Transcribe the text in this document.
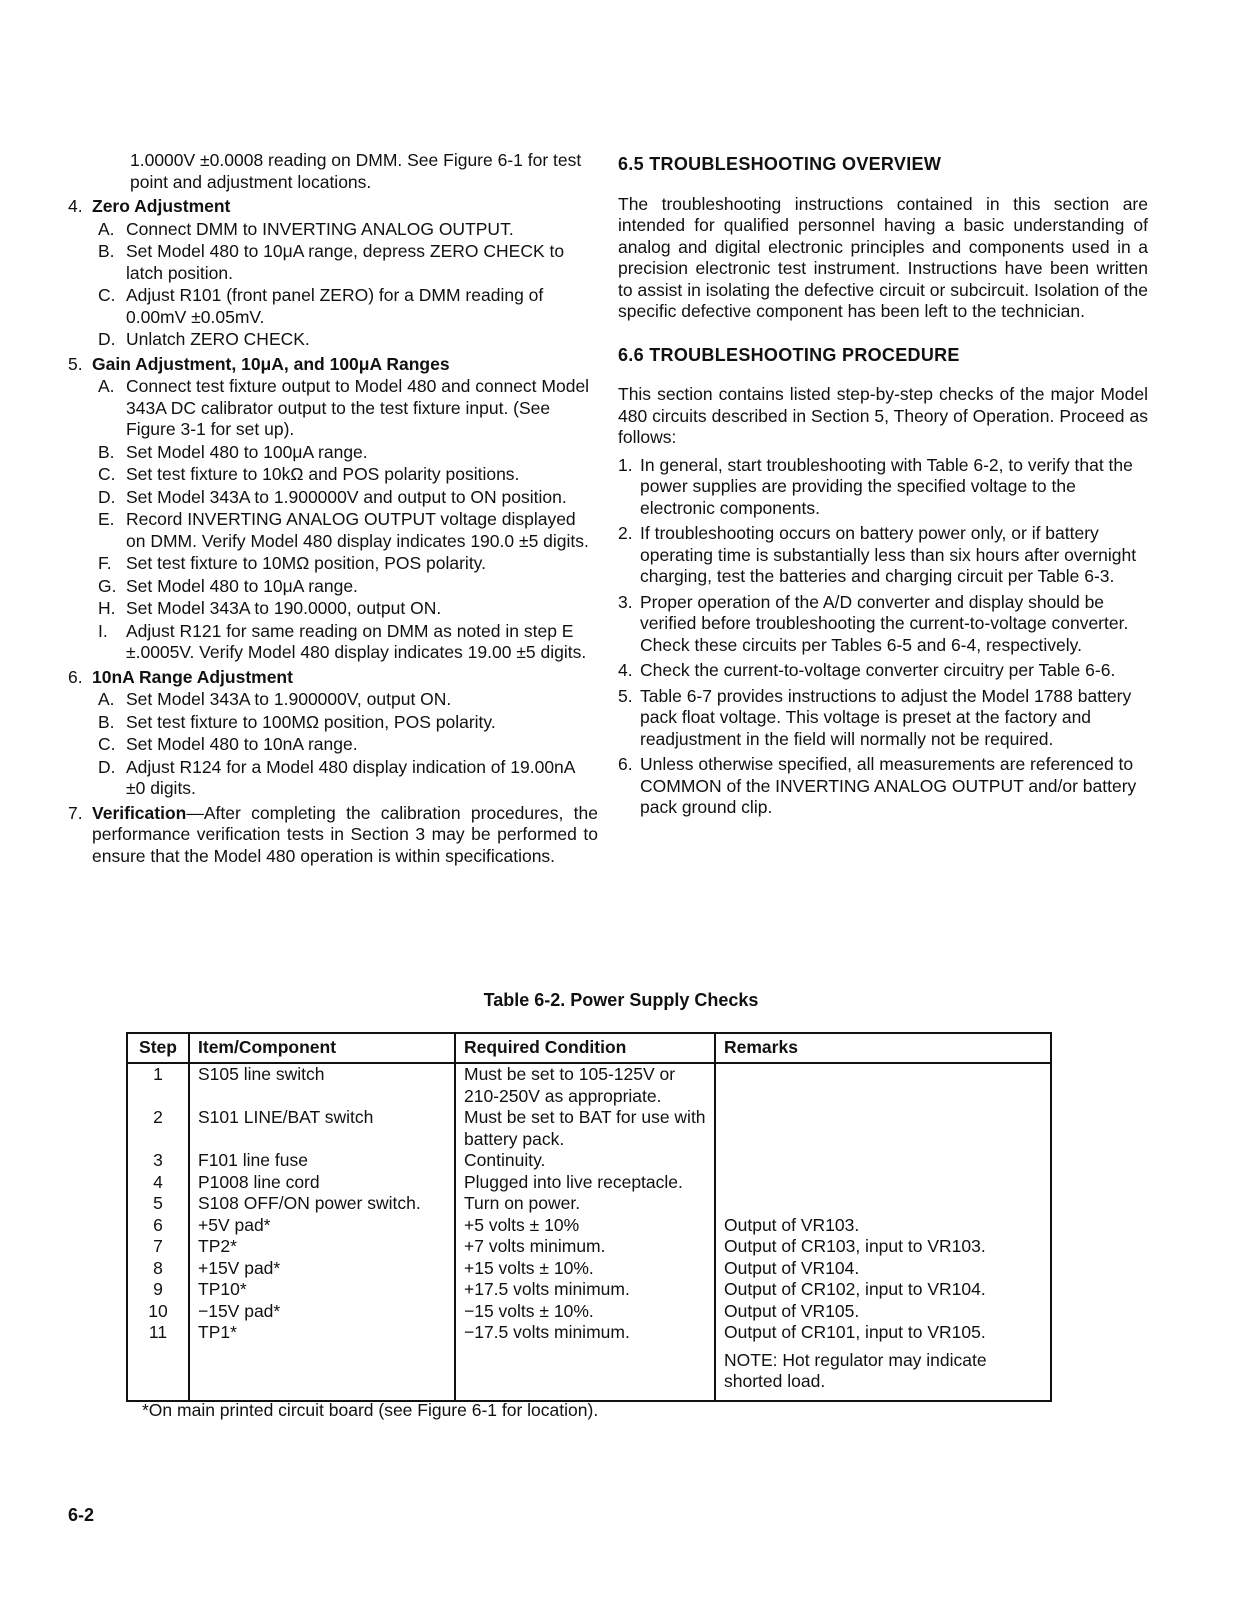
1.0000V ±0.0008 reading on DMM. See Figure 6-1 for test point and adjustment locations.
4. Zero Adjustment
A. Connect DMM to INVERTING ANALOG OUTPUT.
B. Set Model 480 to 10μA range, depress ZERO CHECK to latch position.
C. Adjust R101 (front panel ZERO) for a DMM reading of 0.00mV ±0.05mV.
D. Unlatch ZERO CHECK.
5. Gain Adjustment, 10μA, and 100μA Ranges
A. Connect test fixture output to Model 480 and connect Model 343A DC calibrator output to the test fixture input. (See Figure 3-1 for set up).
B. Set Model 480 to 100μA range.
C. Set test fixture to 10kΩ and POS polarity positions.
D. Set Model 343A to 1.900000V and output to ON position.
E. Record INVERTING ANALOG OUTPUT voltage displayed on DMM. Verify Model 480 display indicates 190.0 ±5 digits.
F. Set test fixture to 10MΩ position, POS polarity.
G. Set Model 480 to 10μA range.
H. Set Model 343A to 190.0000, output ON.
I. Adjust R121 for same reading on DMM as noted in step E ±.0005V. Verify Model 480 display indicates 19.00 ±5 digits.
6. 10nA Range Adjustment
A. Set Model 343A to 1.900000V, output ON.
B. Set test fixture to 100MΩ position, POS polarity.
C. Set Model 480 to 10nA range.
D. Adjust R124 for a Model 480 display indication of 19.00nA ±0 digits.
7. Verification—After completing the calibration procedures, the performance verification tests in Section 3 may be performed to ensure that the Model 480 operation is within specifications.
6.5 TROUBLESHOOTING OVERVIEW
The troubleshooting instructions contained in this section are intended for qualified personnel having a basic understanding of analog and digital electronic principles and components used in a precision electronic test instrument. Instructions have been written to assist in isolating the defective circuit or subcircuit. Isolation of the specific defective component has been left to the technician.
6.6 TROUBLESHOOTING PROCEDURE
This section contains listed step-by-step checks of the major Model 480 circuits described in Section 5, Theory of Operation. Proceed as follows:
1. In general, start troubleshooting with Table 6-2, to verify that the power supplies are providing the specified voltage to the electronic components.
2. If troubleshooting occurs on battery power only, or if battery operating time is substantially less than six hours after overnight charging, test the batteries and charging circuit per Table 6-3.
3. Proper operation of the A/D converter and display should be verified before troubleshooting the current-to-voltage converter. Check these circuits per Tables 6-5 and 6-4, respectively.
4. Check the current-to-voltage converter circuitry per Table 6-6.
5. Table 6-7 provides instructions to adjust the Model 1788 battery pack float voltage. This voltage is preset at the factory and readjustment in the field will normally not be required.
6. Unless otherwise specified, all measurements are referenced to COMMON of the INVERTING ANALOG OUTPUT and/or battery pack ground clip.
Table 6-2. Power Supply Checks
Step	Item/Component	Required Condition	Remarks
1	S105 line switch	Must be set to 105-125V or 210-250V as appropriate.	
2	S101 LINE/BAT switch	Must be set to BAT for use with battery pack.	
3	F101 line fuse	Continuity.	
4	P1008 line cord	Plugged into live receptacle.	
5	S108 OFF/ON power switch.	Turn on power.	
6	+5V pad*	+5 volts ± 10%	Output of VR103.
7	TP2*	+7 volts minimum.	Output of CR103, input to VR103.
8	+15V pad*	+15 volts ± 10%.	Output of VR104.
9	TP10*	+17.5 volts minimum.	Output of CR102, input to VR104.
10	−15V pad*	−15 volts ± 10%.	Output of VR105.
11	TP1*	−17.5 volts minimum.	Output of CR101, input to VR105.
			NOTE: Hot regulator may indicate shorted load.
*On main printed circuit board (see Figure 6-1 for location).
6-2
